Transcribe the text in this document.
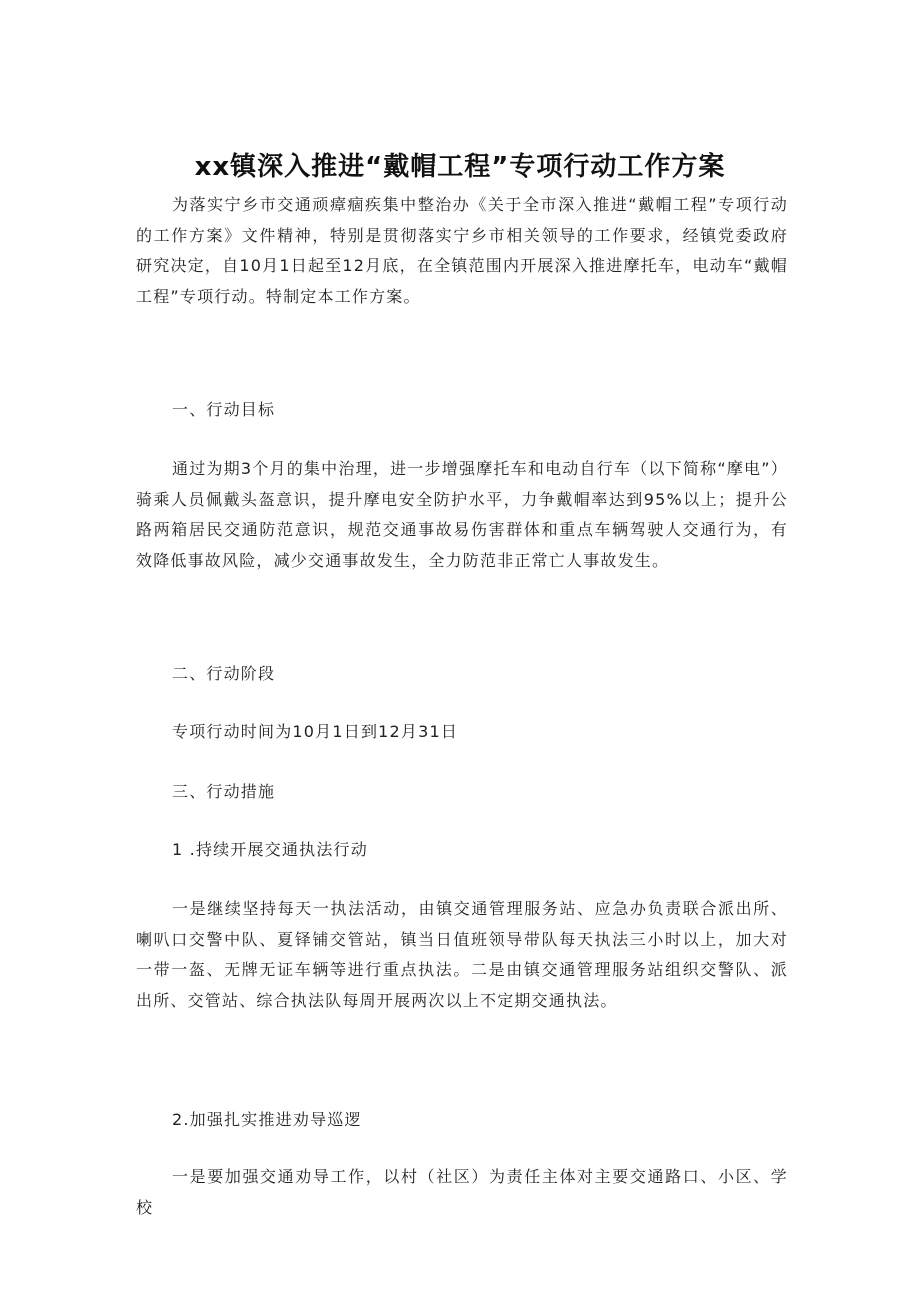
xx镇深入推进“戴帽工程”专项行动工作方案

为落实宁乡市交通顽瘴痼疾集中整治办《关于全市深入推进“戴帽工程”专项行动的工作方案》文件精神，特别是贯彻落实宁乡市相关领导的工作要求，经镇党委政府研究决定，自10月1日起至12月底，在全镇范围内开展深入推进摩托车，电动车“戴帽工程”专项行动。特制定本工作方案。

一、行动目标

通过为期3个月的集中治理，进一步增强摩托车和电动自行车（以下简称“摩电”）骑乘人员佩戴头盔意识，提升摩电安全防护水平，力争戴帽率达到95%以上；提升公路两箱居民交通防范意识，规范交通事故易伤害群体和重点车辆驾驶人交通行为，有效降低事故风险，减少交通事故发生，全力防范非正常亡人事故发生。

二、行动阶段

专项行动时间为10月1日到12月31日

三、行动措施

1 .持续开展交通执法行动

一是继续坚持每天一执法活动，由镇交通管理服务站、应急办负责联合派出所、喇叭口交警中队、夏铎铺交管站，镇当日值班领导带队每天执法三小时以上，加大对一带一盔、无牌无证车辆等进行重点执法。二是由镇交通管理服务站组织交警队、派出所、交管站、综合执法队每周开展两次以上不定期交通执法。

2.加强扎实推进劝导巡逻

一是要加强交通劝导工作，以村（社区）为责任主体对主要交通路口、小区、学校
